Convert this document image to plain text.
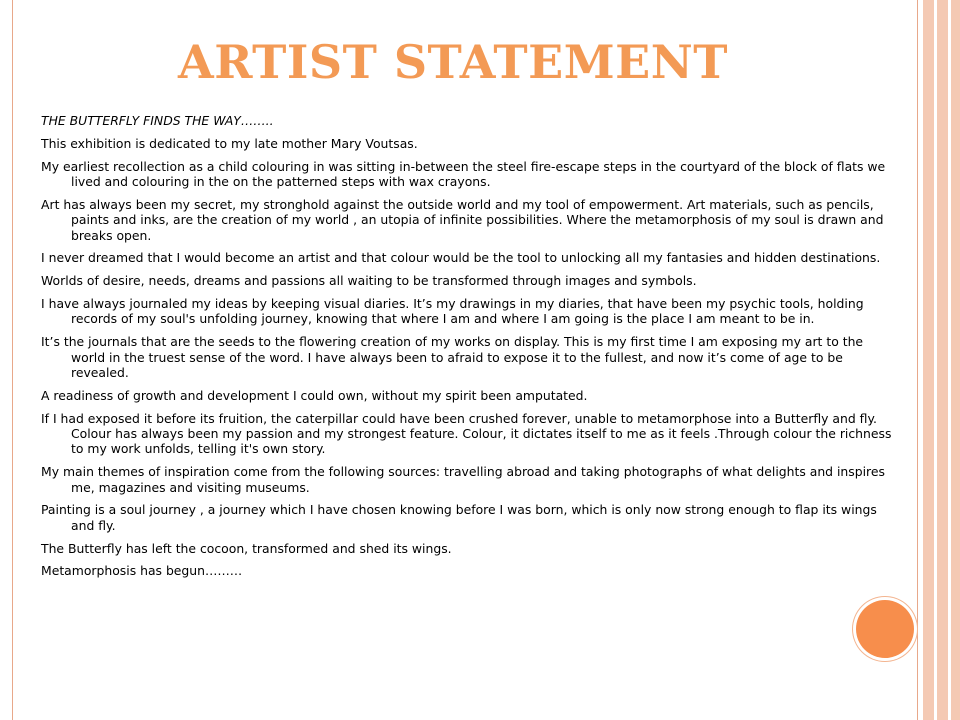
ARTIST STATEMENT

THE BUTTERFLY FINDS THE WAY……..

This exhibition is dedicated to my late mother Mary Voutsas.

My earliest recollection as a child colouring in was sitting in-between the steel fire-escape steps in the courtyard of the block of flats we lived and colouring in the on the patterned steps with wax crayons.

Art has always been my secret, my stronghold against the outside world and my tool of empowerment. Art materials, such as pencils, paints and inks, are the creation of my world , an utopia of infinite possibilities. Where the metamorphosis of my soul is drawn and breaks open.

I never dreamed that I would become an artist and that colour would be the tool to unlocking all my fantasies and hidden destinations.

Worlds of desire, needs, dreams and passions all waiting to be transformed through images and symbols.

I have always journaled my ideas by keeping visual diaries. It’s my drawings in my diaries, that have been my psychic tools, holding records of my soul's unfolding journey, knowing that where I am and where I am going is the place I am meant to be in.

It’s the journals that are the seeds to the flowering creation of my works on display. This is my first time I am exposing my art to the world in the truest sense of the word. I have always been to afraid to expose it to the fullest, and now it’s come of age to be revealed.

A readiness of growth and development I could own, without my spirit been amputated.

If I had exposed it before its fruition, the caterpillar could have been crushed forever, unable to metamorphose into a Butterfly and fly. Colour has always been my passion and my strongest feature. Colour, it dictates itself to me as it feels .Through colour the richness to my work unfolds, telling it's own story.

My main themes of inspiration come from the following sources: travelling abroad and taking photographs of what delights and inspires me, magazines and visiting museums.

Painting is a soul journey , a journey which I have chosen knowing before I was born, which is only now strong enough to flap its wings and fly.

The Butterfly has left the cocoon, transformed and shed its wings.

Metamorphosis has begun………
